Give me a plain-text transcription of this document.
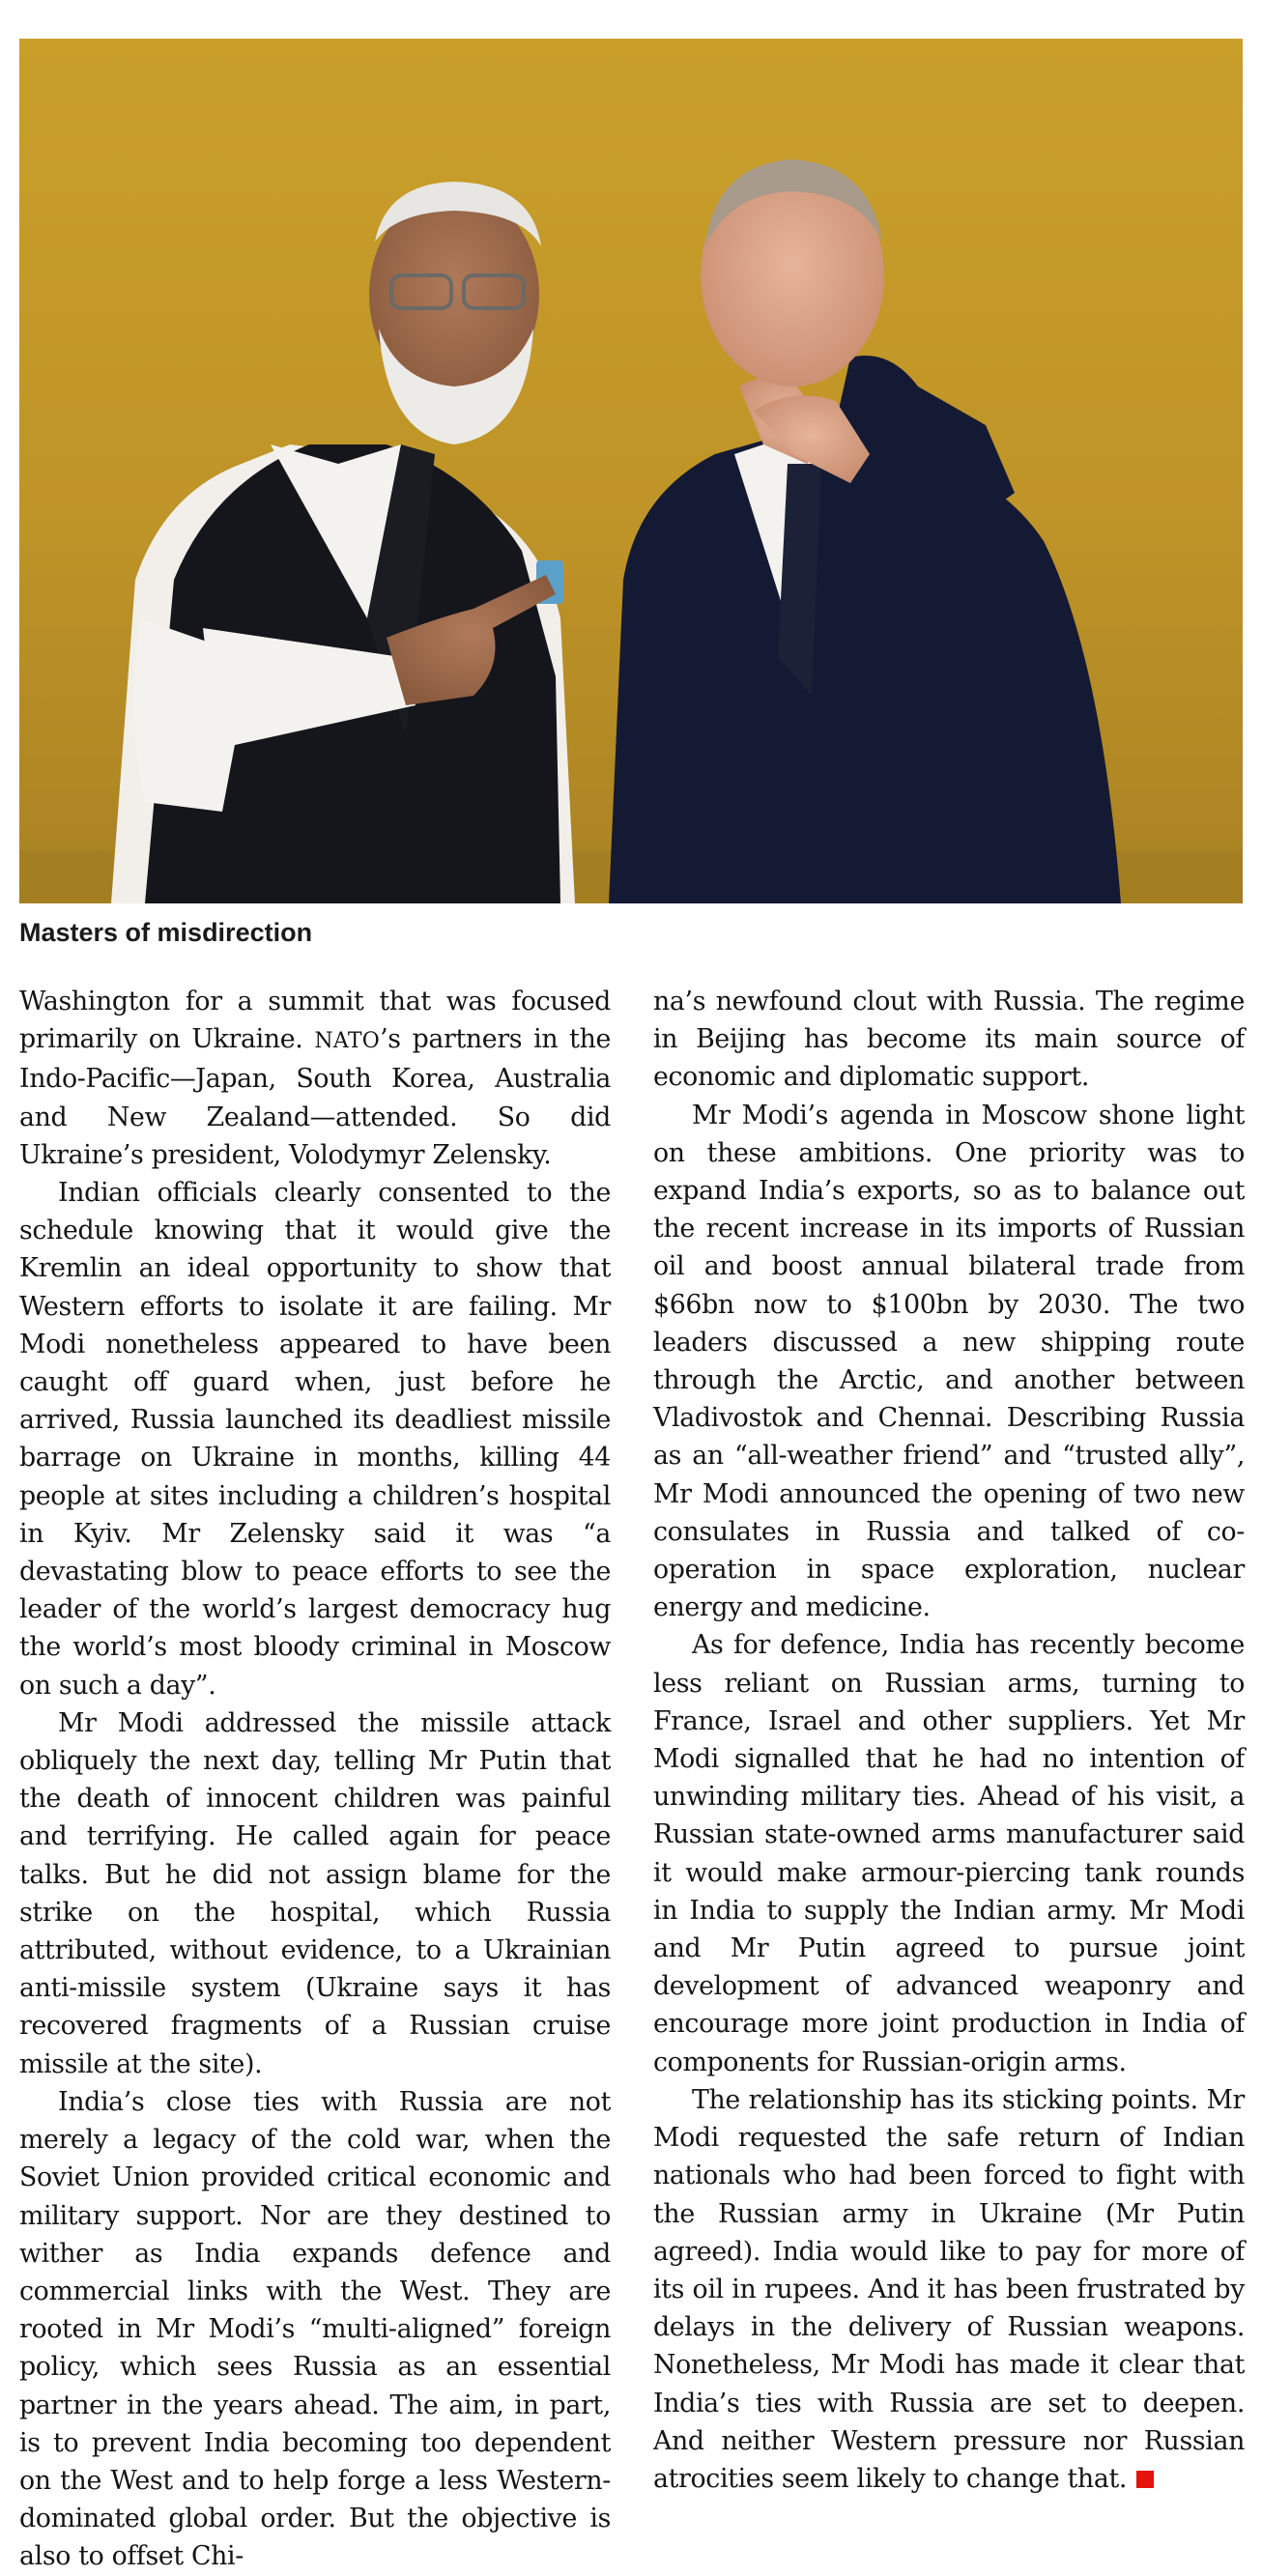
Masters of misdirection

Washington for a summit that was focused primarily on Ukraine. NATO’s partners in the Indo-Pacific—Japan, South Korea, Australia and New Zealand—attended. So did Ukraine’s president, Volodymyr Zelensky.

Indian officials clearly consented to the schedule knowing that it would give the Kremlin an ideal opportunity to show that Western efforts to isolate it are failing. Mr Modi nonetheless appeared to have been caught off guard when, just before he arrived, Russia launched its deadliest missile barrage on Ukraine in months, killing 44 people at sites including a children’s hospital in Kyiv. Mr Zelensky said it was “a devastating blow to peace efforts to see the leader of the world’s largest democracy hug the world’s most bloody criminal in Moscow on such a day”.

Mr Modi addressed the missile attack obliquely the next day, telling Mr Putin that the death of innocent children was painful and terrifying. He called again for peace talks. But he did not assign blame for the strike on the hospital, which Russia attributed, without evidence, to a Ukrainian anti-missile system (Ukraine says it has recovered fragments of a Russian cruise missile at the site).

India’s close ties with Russia are not merely a legacy of the cold war, when the Soviet Union provided critical economic and military support. Nor are they destined to wither as India expands defence and commercial links with the West. They are rooted in Mr Modi’s “multi-aligned” foreign policy, which sees Russia as an essential partner in the years ahead. The aim, in part, is to prevent India becoming too dependent on the West and to help forge a less Western-dominated global order. But the objective is also to offset Chi-

na’s newfound clout with Russia. The regime in Beijing has become its main source of economic and diplomatic support.

Mr Modi’s agenda in Moscow shone light on these ambitions. One priority was to expand India’s exports, so as to balance out the recent increase in its imports of Russian oil and boost annual bilateral trade from $66bn now to $100bn by 2030. The two leaders discussed a new shipping route through the Arctic, and another between Vladivostok and Chennai. Describing Russia as an “all-weather friend” and “trusted ally”, Mr Modi announced the opening of two new consulates in Russia and talked of co-operation in space exploration, nuclear energy and medicine.

As for defence, India has recently become less reliant on Russian arms, turning to France, Israel and other suppliers. Yet Mr Modi signalled that he had no intention of unwinding military ties. Ahead of his visit, a Russian state-owned arms manufacturer said it would make armour-piercing tank rounds in India to supply the Indian army. Mr Modi and Mr Putin agreed to pursue joint development of advanced weaponry and encourage more joint production in India of components for Russian-origin arms.

The relationship has its sticking points. Mr Modi requested the safe return of Indian nationals who had been forced to fight with the Russian army in Ukraine (Mr Putin agreed). India would like to pay for more of its oil in rupees. And it has been frustrated by delays in the delivery of Russian weapons. Nonetheless, Mr Modi has made it clear that India’s ties with Russia are set to deepen. And neither Western pressure nor Russian atrocities seem likely to change that.
